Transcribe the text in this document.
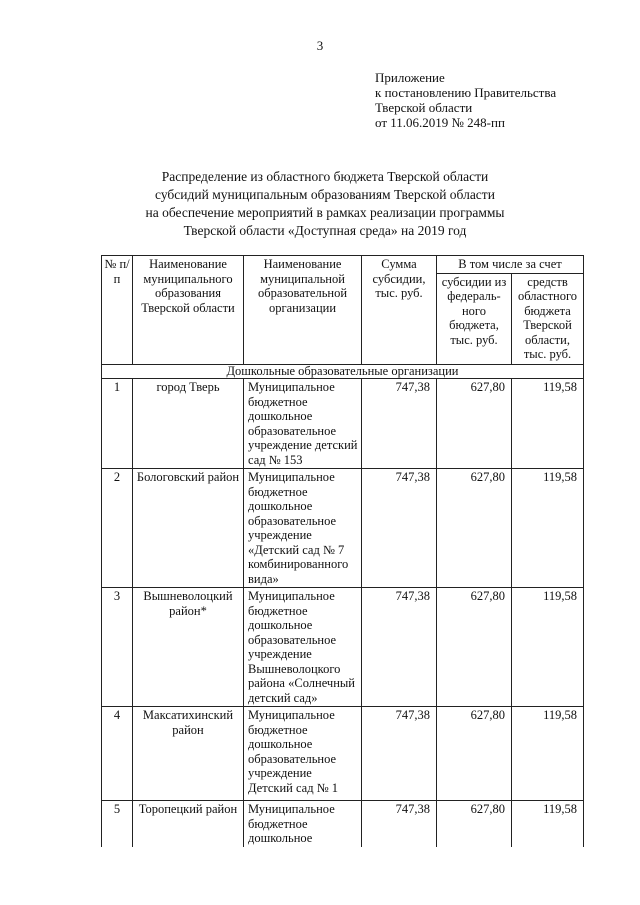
3
Приложение
к постановлению Правительства
Тверской области
от 11.06.2019 № 248-пп
Распределение из областного бюджета Тверской области
субсидий муниципальным образованиям Тверской области
на обеспечение мероприятий в рамках реализации программы
Тверской области «Доступная среда» на 2019 год
№ п/п	Наименование муниципального образования Тверской области	Наименование муниципальной образовательной организации	Сумма субсидии, тыс. руб.	В том числе за счет	
				субсидии из федераль-ного бюджета, тыс. руб.	средств областного бюджета Тверской области, тыс. руб.
Дошкольные образовательные организации					
1	город Тверь	Муниципальное бюджетное дошкольное образовательное учреждение детский сад № 153	747,38	627,80	119,58
2	Бологовский район	Муниципальное бюджетное дошкольное образовательное учреждение «Детский сад № 7 комбинированного вида»	747,38	627,80	119,58
3	Вышневолоцкий район*	Муниципальное бюджетное дошкольное образовательное учреждение Вышневолоцкого района «Солнечный детский сад»	747,38	627,80	119,58
4	Максатихинский район	Муниципальное бюджетное дошкольное образовательное учреждение Детский сад № 1	747,38	627,80	119,58
5	Торопецкий район	Муниципальное бюджетное дошкольное	747,38	627,80	119,58
